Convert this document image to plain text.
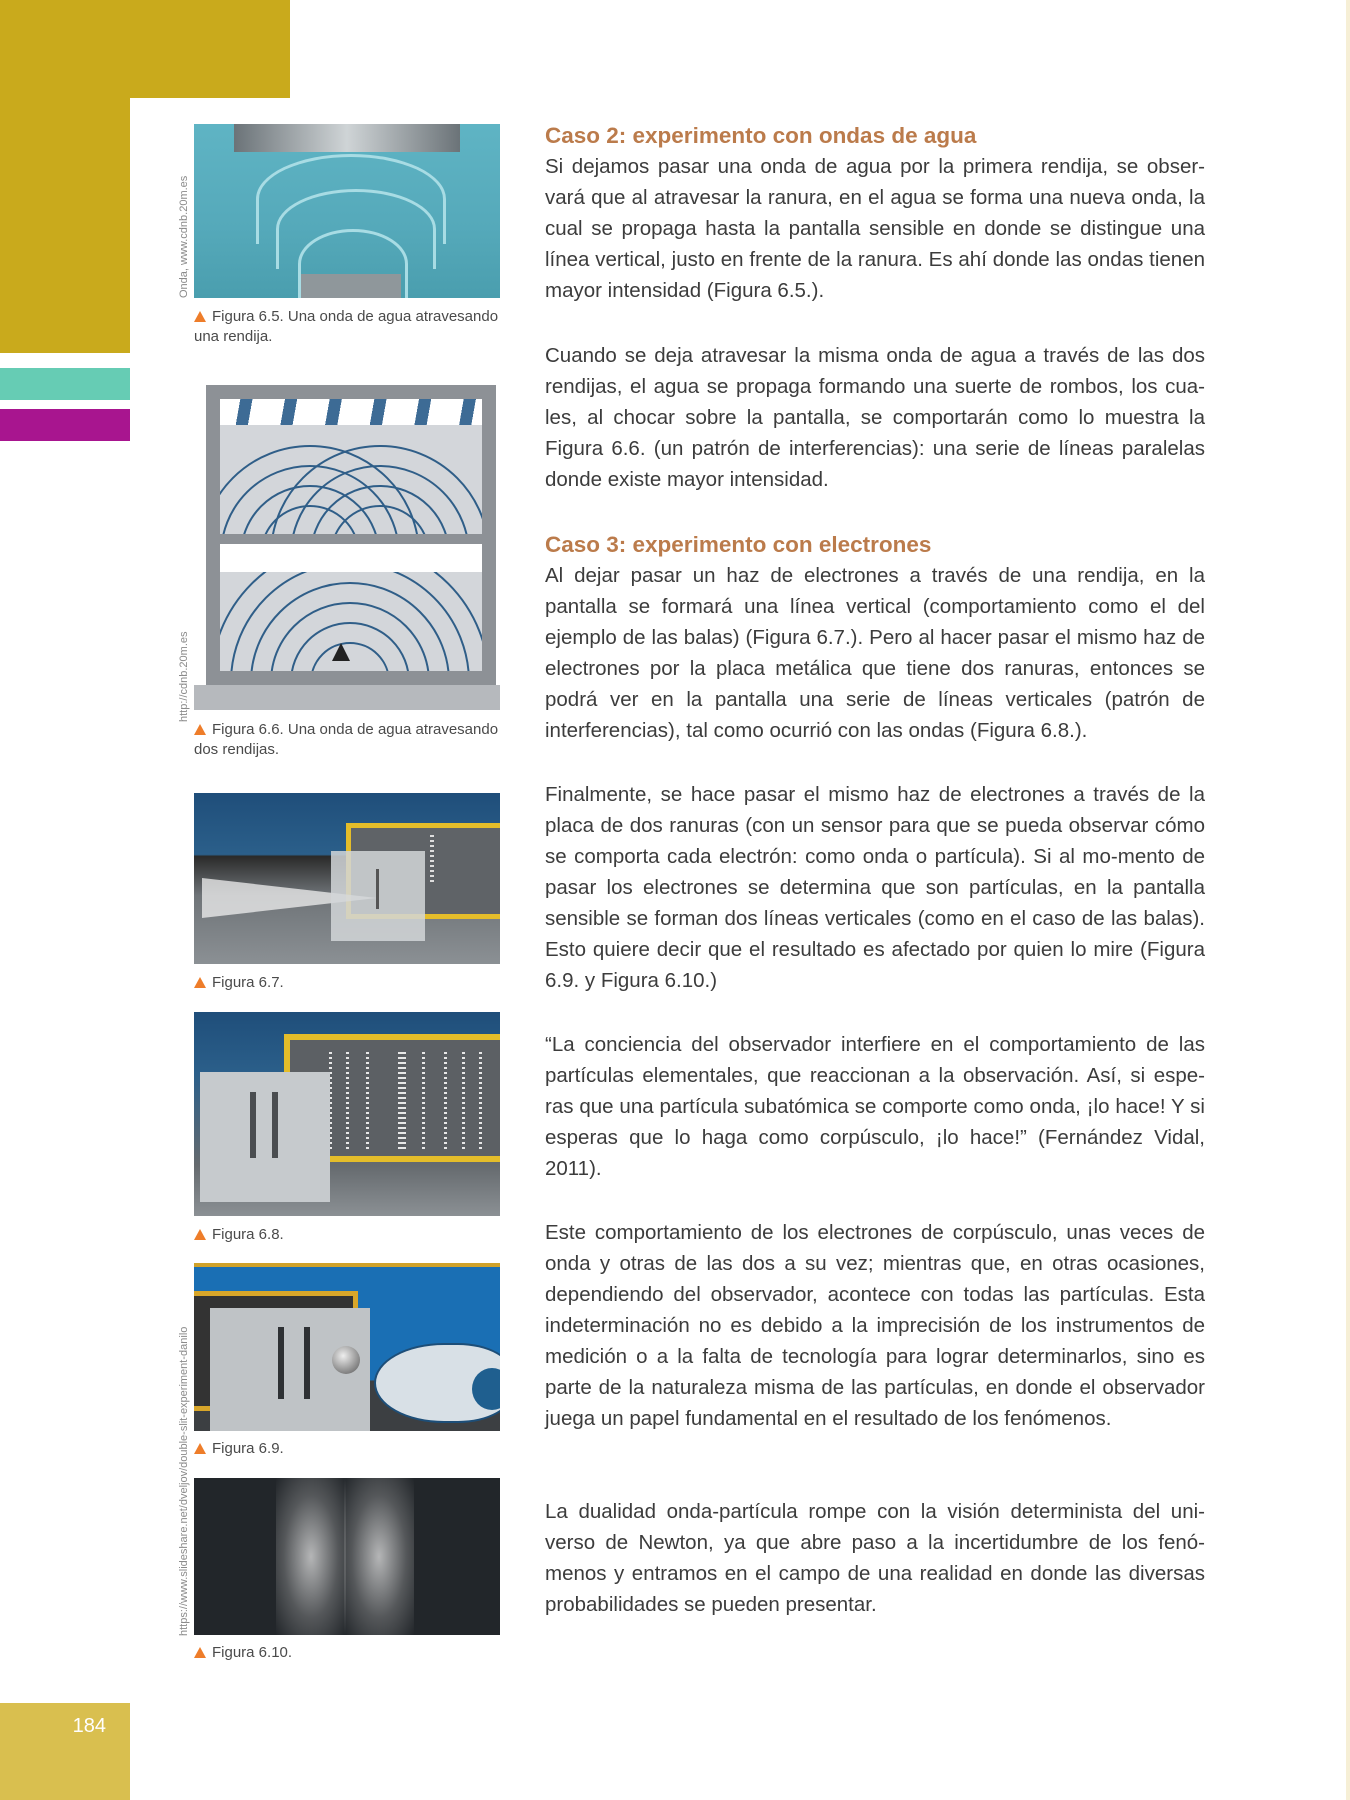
184
Onda, www.cdnb.20m.es
http://cdnb.20m.es
https://www.slideshare.net/dveljov/double-slit-experiment-danilo
Figura 6.5. Una onda de agua atravesando una rendija.
Figura 6.6. Una onda de agua atravesando dos rendijas.
Figura 6.7.
Figura 6.8.
Figura 6.9.
Figura 6.10.
Caso 2: experimento con ondas de agua

Si dejamos pasar una onda de agua por la primera rendija, se obser-vará que al atravesar la ranura, en el agua se forma una nueva onda, la cual se propaga hasta la pantalla sensible en donde se distingue una línea vertical, justo en frente de la ranura. Es ahí donde las ondas tienen mayor intensidad (Figura 6.5.).

Cuando se deja atravesar la misma onda de agua a través de las dos rendijas, el agua se propaga formando una suerte de rombos, los cua-les, al chocar sobre la pantalla, se comportarán como lo muestra la Figura 6.6. (un patrón de interferencias): una serie de líneas paralelas donde existe mayor intensidad.

Caso 3: experimento con electrones

Al dejar pasar un haz de electrones a través de una rendija, en la pantalla se formará una línea vertical (comportamiento como el del ejemplo de las balas) (Figura 6.7.). Pero al hacer pasar el mismo haz de electrones por la placa metálica que tiene dos ranuras, entonces se podrá ver en la pantalla una serie de líneas verticales (patrón de interferencias), tal como ocurrió con las ondas (Figura 6.8.).

Finalmente, se hace pasar el mismo haz de electrones a través de la placa de dos ranuras (con un sensor para que se pueda observar cómo se comporta cada electrón: como onda o partícula). Si al mo-mento de pasar los electrones se determina que son partículas, en la pantalla sensible se forman dos líneas verticales (como en el caso de las balas). Esto quiere decir que el resultado es afectado por quien lo mire (Figura 6.9. y Figura 6.10.)

“La conciencia del observador interfiere en el comportamiento de las partículas elementales, que reaccionan a la observación. Así, si espe-ras que una partícula subatómica se comporte como onda, ¡lo hace! Y si esperas que lo haga como corpúsculo, ¡lo hace!” (Fernández Vidal, 2011).

Este comportamiento de los electrones de corpúsculo, unas veces de onda y otras de las dos a su vez; mientras que, en otras ocasiones, dependiendo del observador, acontece con todas las partículas. Esta indeterminación no es debido a la imprecisión de los instrumentos de medición o a la falta de tecnología para lograr determinarlos, sino es parte de la naturaleza misma de las partículas, en donde el observador juega un papel fundamental en el resultado de los fenómenos.

La dualidad onda-partícula rompe con la visión determinista del uni-verso de Newton, ya que abre paso a la incertidumbre de los fenó-menos y entramos en el campo de una realidad en donde las diversas probabilidades se pueden presentar.
